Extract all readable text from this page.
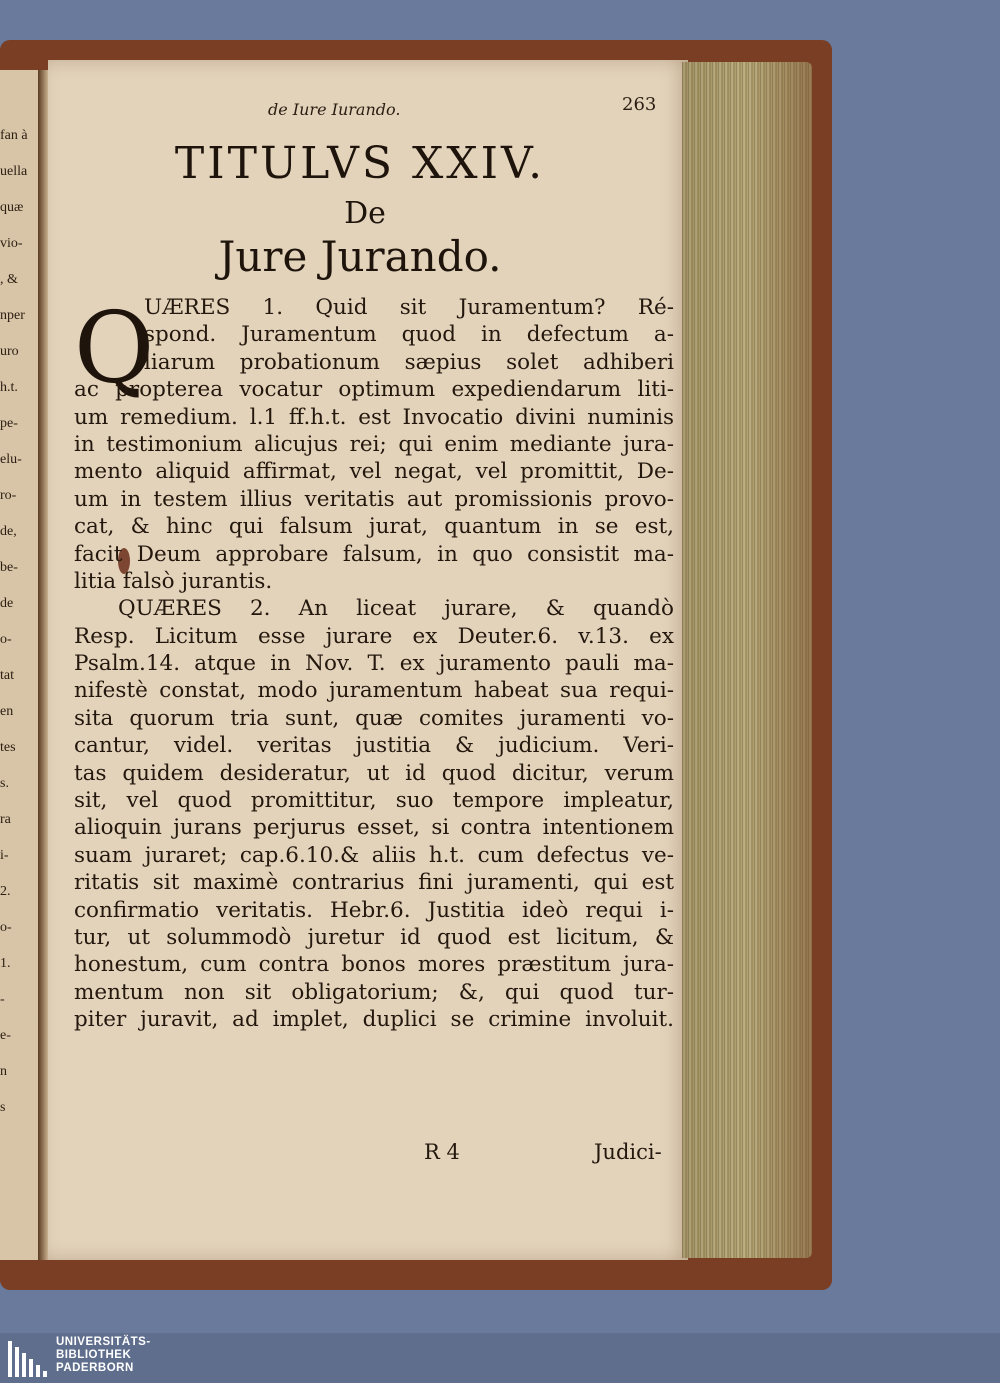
fan à
uella
quæ
vio-
, &
nper
uro
h.t.
pe-
elu-
ro-
de,
be-
de
o-
tat
en
tes
s.
ra
i-
2.
o-
1.
-
e-
n
s
de Iure Iurando.	263
TITULVS XXIV.
De
Jure Jurando.
Q
UÆRES 1. Quid sit Juramentum? Ré-
spond. Juramentum quod in defectum a-
liarum probationum sæpius solet adhiberi
ac propterea vocatur optimum expediendarum liti-
um remedium. l.1 ff.h.t. est Invocatio divini numinis
in testimonium alicujus rei; qui enim mediante jura-
mento aliquid affirmat, vel negat, vel promittit, De-
um in testem illius veritatis aut promissionis provo-
cat, & hinc qui falsum jurat, quantum in se est,
facit Deum approbare falsum, in quo consistit ma-
litia falsò jurantis.
QUÆRES 2. An liceat jurare, & quandò
Resp. Licitum esse jurare ex Deuter.6. v.13. ex
Psalm.14. atque in Nov. T. ex juramento pauli ma-
nifestè constat, modo juramentum habeat sua requi-
sita quorum tria sunt, quæ comites juramenti vo-
cantur, videl. veritas justitia & judicium. Veri-
tas quidem desideratur, ut id quod dicitur, verum
sit, vel quod promittitur, suo tempore impleatur,
alioquin jurans perjurus esset, si contra intentionem
suam juraret; cap.6.10.& aliis h.t. cum defectus ve-
ritatis sit maximè contrarius fini juramenti, qui est
confirmatio veritatis. Hebr.6. Justitia ideò requi i-
tur, ut solummodò juretur id quod est licitum, &
honestum, cum contra bonos mores præstitum jura-
mentum non sit obligatorium; &, qui quod tur-
piter juravit, ad implet, duplici se crimine involuit.
R 4	Judici-
UNIVERSITÄTS-
BIBLIOTHEK
PADERBORN
